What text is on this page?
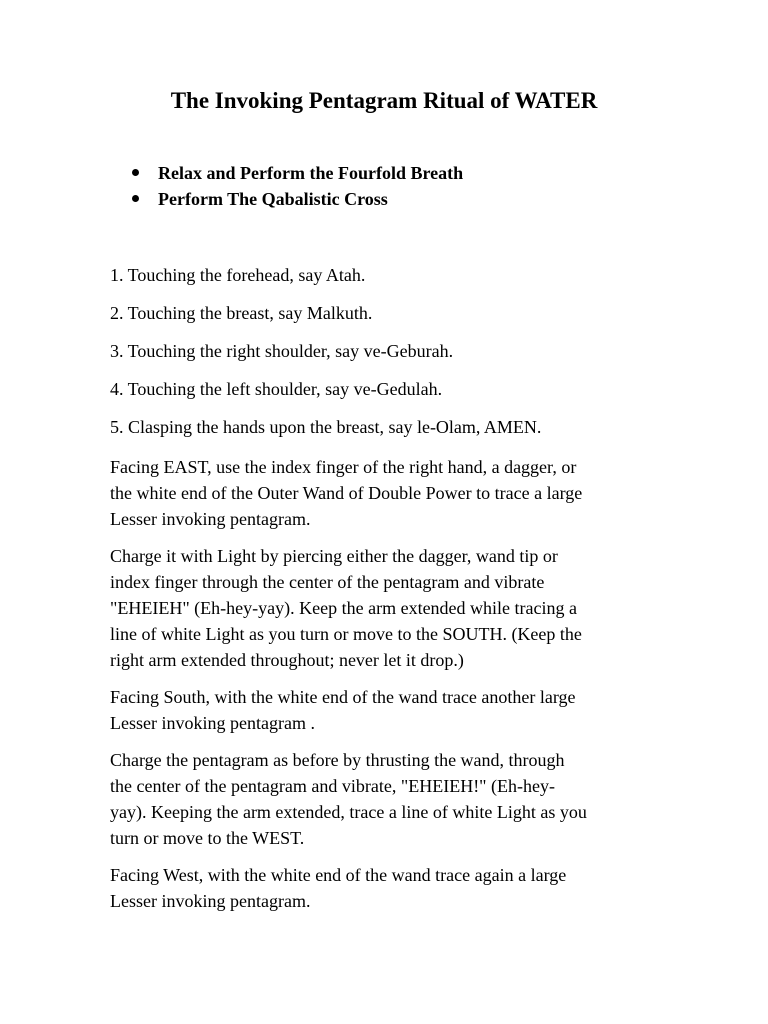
The Invoking Pentagram Ritual of WATER
Relax and Perform the Fourfold Breath
Perform The Qabalistic Cross

1. Touching the forehead, say Atah.

2. Touching the breast, say Malkuth.

3. Touching the right shoulder, say ve-Geburah.

4. Touching the left shoulder, say ve-Gedulah.

5. Clasping the hands upon the breast, say le-Olam, AMEN.

Facing EAST, use the index finger of the right hand, a dagger, or
the white end of the Outer Wand of Double Power to trace a large
Lesser invoking pentagram.

Charge it with Light by piercing either the dagger, wand tip or
index finger through the center of the pentagram and vibrate
"EHEIEH" (Eh-hey-yay). Keep the arm extended while tracing a
line of white Light as you turn or move to the SOUTH. (Keep the
right arm extended throughout; never let it drop.)

Facing South, with the white end of the wand trace another large
Lesser invoking pentagram .

Charge the pentagram as before by thrusting the wand, through
the center of the pentagram and vibrate, "EHEIEH!" (Eh-hey-
yay). Keeping the arm extended, trace a line of white Light as you
turn or move to the WEST.

Facing West, with the white end of the wand trace again a large
Lesser invoking pentagram.
